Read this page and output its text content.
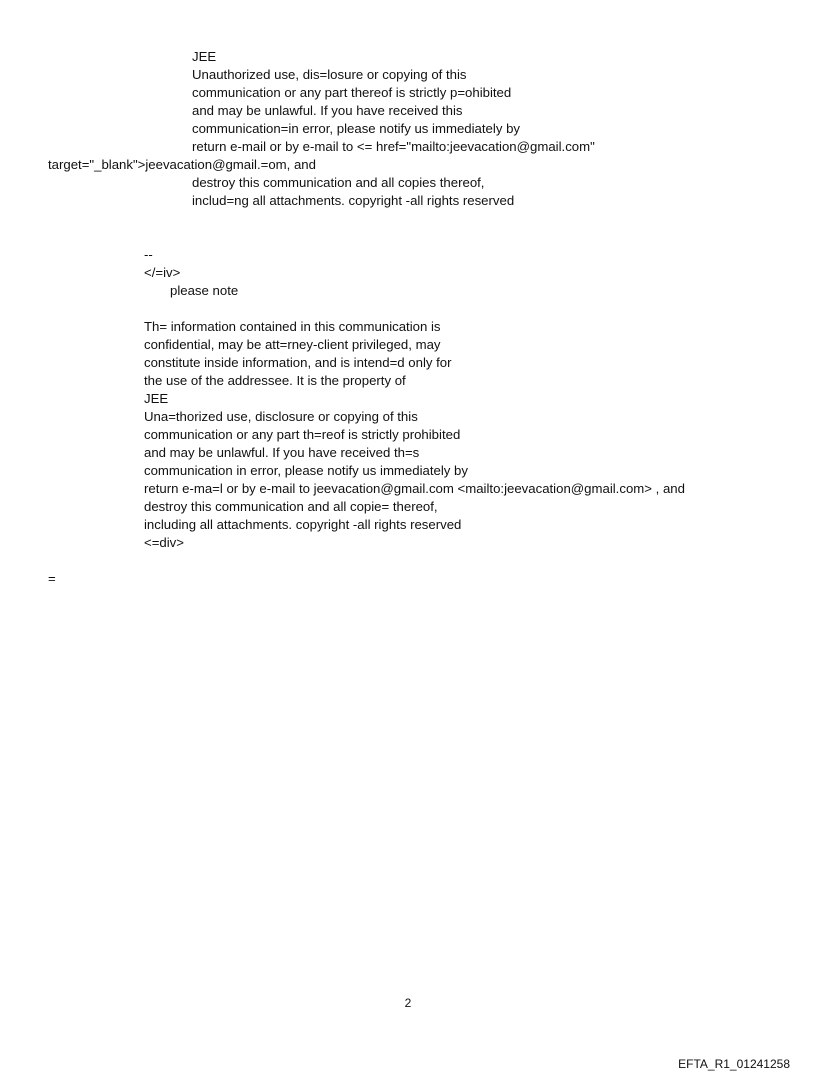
JEE
Unauthorized use, dis=losure or copying of this
communication or any part thereof is strictly p=ohibited
and may be unlawful. If you have received this
communication=in error, please notify us immediately by
return e-mail or by e-mail to <= href="mailto:jeevacation@gmail.com"
target="_blank">jeevacation@gmail.=om, and
destroy this communication and all copies thereof,
includ=ng all attachments. copyright -all rights reserved
--
</=iv>
please note
Th= information contained in this communication is
confidential, may be att=rney-client privileged, may
constitute inside information, and is intend=d only for
the use of the addressee. It is the property of
JEE
Una=thorized use, disclosure or copying of this
communication or any part th=reof is strictly prohibited
and may be unlawful. If you have received th=s
communication in error, please notify us immediately by
return e-ma=l or by e-mail to jeevacation@gmail.com <mailto:jeevacation@gmail.com> , and
destroy this communication and all copie= thereof,
including all attachments. copyright -all rights reserved
<=div>
=
2
EFTA_R1_01241258
